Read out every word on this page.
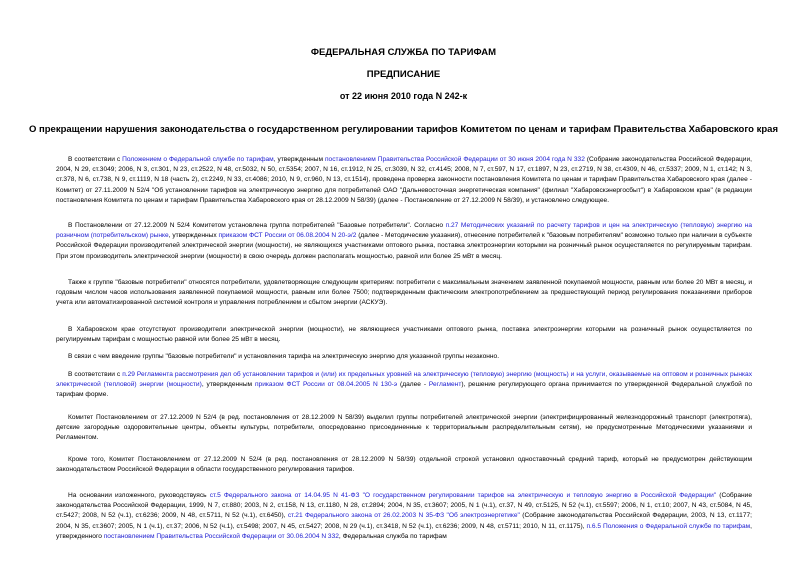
ФЕДЕРАЛЬНАЯ СЛУЖБА ПО ТАРИФАМ
ПРЕДПИСАНИЕ
от 22 июня 2010 года N 242-к
О прекращении нарушения законодательства о государственном регулировании тарифов Комитетом по ценам и тарифам Правительства Хабаровского края

В соответствии с Положением о Федеральной службе по тарифам, утвержденным постановлением Правительства Российской Федерации от 30 июня 2004 года N 332 (Собрание законодательства Российской Федерации, 2004, N 29, ст.3049; 2006, N 3, ст.301, N 23, ст.2522, N 48, ст.5032, N 50, ст.5354; 2007, N 16, ст.1912, N 25, ст.3039, N 32, ст.4145; 2008, N 7, ст.597, N 17, ст.1897, N 23, ст.2719, N 38, ст.4309, N 46, ст.5337; 2009, N 1, ст.142; N 3, ст.378, N 6, ст.738, N 9, ст.1119, N 18 (часть 2), ст.2249, N 33, ст.4086; 2010, N 9, ст.960, N 13, ст.1514), проведена проверка законности постановления Комитета по ценам и тарифам Правительства Хабаровского края (далее - Комитет) от 27.11.2009 N 52/4 "Об установлении тарифов на электрическую энергию для потребителей ОАО "Дальневосточная энергетическая компания" (филиал "Хабаровскэнергосбыт") в Хабаровском крае" (в редакции постановления Комитета по ценам и тарифам Правительства Хабаровского края от 28.12.2009 N 58/39) (далее - Постановление от 27.12.2009 N 58/39), и установлено следующее.

В Постановлении от 27.12.2009 N 52/4 Комитетом установлена группа потребителей "Базовые потребители". Согласно п.27 Методических указаний по расчету тарифов и цен на электрическую (тепловую) энергию на розничном (потребительском) рынке, утвержденных приказом ФСТ России от 06.08.2004 N 20-э/2 (далее - Методические указания), отнесение потребителей к "базовым потребителям" возможно только при наличии в субъекте Российской Федерации производителей электрической энергии (мощности), не являющихся участниками оптового рынка, поставка электроэнергии которыми на розничный рынок осуществляется по регулируемым тарифам. При этом производитель электрической энергии (мощности) в свою очередь должен располагать мощностью, равной или более 25 мВт в месяц.

Также к группе "базовые потребители" относятся потребители, удовлетворяющие следующим критериям: потребители с максимальным значением заявленной покупаемой мощности, равным или более 20 МВт в месяц, и годовым числом часов использования заявленной покупаемой мощности, равным или более 7500; подтвержденным фактическим электропотреблением за предшествующий период регулирования показаниями приборов учета или автоматизированной системой контроля и управления потреблением и сбытом энергии (АСКУЭ).

В Хабаровском крае отсутствуют производители электрической энергии (мощности), не являющиеся участниками оптового рынка, поставка электроэнергии которыми на розничный рынок осуществляется по регулируемым тарифам с мощностью равной или более 25 мВт в месяц.

В связи с чем введение группы "базовые потребители" и установления тарифа на электрическую энергию для указанной группы незаконно.

В соответствии с п.29 Регламента рассмотрения дел об установлении тарифов и (или) их предельных уровней на электрическую (тепловую) энергию (мощность) и на услуги, оказываемые на оптовом и розничных рынках электрической (тепловой) энергии (мощности), утвержденным приказом ФСТ России от 08.04.2005 N 130-э (далее - Регламент), решение регулирующего органа принимается по утвержденной Федеральной службой по тарифам форме.

Комитет Постановлением от 27.12.2009 N 52/4 (в ред. постановления от 28.12.2009 N 58/39) выделил группы потребителей электрической энергии (электрифицированный железнодорожный транспорт (электротяга), детские загородные оздоровительные центры, объекты культуры, потребители, опосредованно присоединенные к территориальным распределительным сетям), не предусмотренные Методическими указаниями и Регламентом.

Кроме того, Комитет Постановлением от 27.12.2009 N 52/4 (в ред. постановления от 28.12.2009 N 58/39) отдельной строкой установил одноставочный средний тариф, который не предусмотрен действующим законодательством Российской Федерации в области государственного регулирования тарифов.

На основании изложенного, руководствуясь ст.5 Федерального закона от 14.04.95 N 41-ФЗ "О государственном регулировании тарифов на электрическую и тепловую энергию в Российской Федерации" (Собрание законодательства Российской Федерации, 1999, N 7, ст.880; 2003, N 2, ст.158, N 13, ст.1180, N 28, ст.2894; 2004, N 35, ст.3607; 2005, N 1 (ч.1), ст.37, N 49, ст.5125, N 52 (ч.1), ст.5597; 2006, N 1, ст.10; 2007, N 43, ст.5084, N 45, ст.5427; 2008, N 52 (ч.1), ст.6236; 2009, N 48, ст.5711, N 52 (ч.1), ст.6450), ст.21 Федерального закона от 26.02.2003 N 35-ФЗ "Об электроэнергетике" (Собрание законодательства Российской Федерации, 2003, N 13, ст.1177; 2004, N 35, ст.3607; 2005, N 1 (ч.1), ст.37; 2006, N 52 (ч.1), ст.5498; 2007, N 45, ст.5427; 2008, N 29 (ч.1), ст.3418, N 52 (ч.1), ст.6236; 2009, N 48, ст.5711; 2010, N 11, ст.1175), п.6.5 Положения о Федеральной службе по тарифам, утвержденного постановлением Правительства Российской Федерации от 30.06.2004 N 332, Федеральная служба по тарифам
